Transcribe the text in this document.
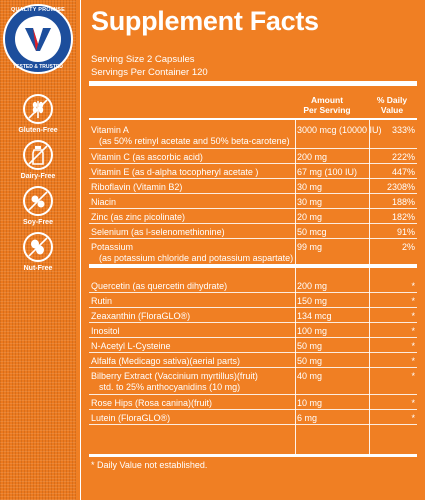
QUALITY PROMISE
TESTED & TRUSTED
Gluten-Free
Dairy-Free
Soy-Free
Nut-Free
Supplement Facts
Serving Size 2 Capsules
Servings Per Container 120
Amount
Per Serving
% Daily
Value
Vitamin A
(as 50% retinyl acetate and 50% beta-carotene)
3000 mcg (10000 IU)	333%
Vitamin C (as ascorbic acid)	200 mg	222%
Vitamin E (as d-alpha tocopheryl acetate )	67 mg (100 IU)	447%
Riboflavin (Vitamin B2)	30 mg	2308%
Niacin	30 mg	188%
Zinc (as zinc picolinate)	20 mg	182%
Selenium (as l-selenomethionine)	50 mcg	91%
Potassium
(as potassium chloride and potassium aspartate)
99 mg	2%
Quercetin (as quercetin dihydrate)	200 mg	*
Rutin	150 mg	*
Zeaxanthin (FloraGLO®)	134 mcg	*
Inositol	100 mg	*
N-Acetyl L-Cysteine	50 mg	*
Alfalfa (Medicago sativa)(aerial parts)	50 mg	*
Bilberry Extract (Vaccinium myrtillus)(fruit)
std. to 25% anthocyanidins (10 mg)
40 mg	*
Rose Hips (Rosa canina)(fruit)	10 mg	*
Lutein (FloraGLO®)	6 mg	*
* Daily Value not established.
